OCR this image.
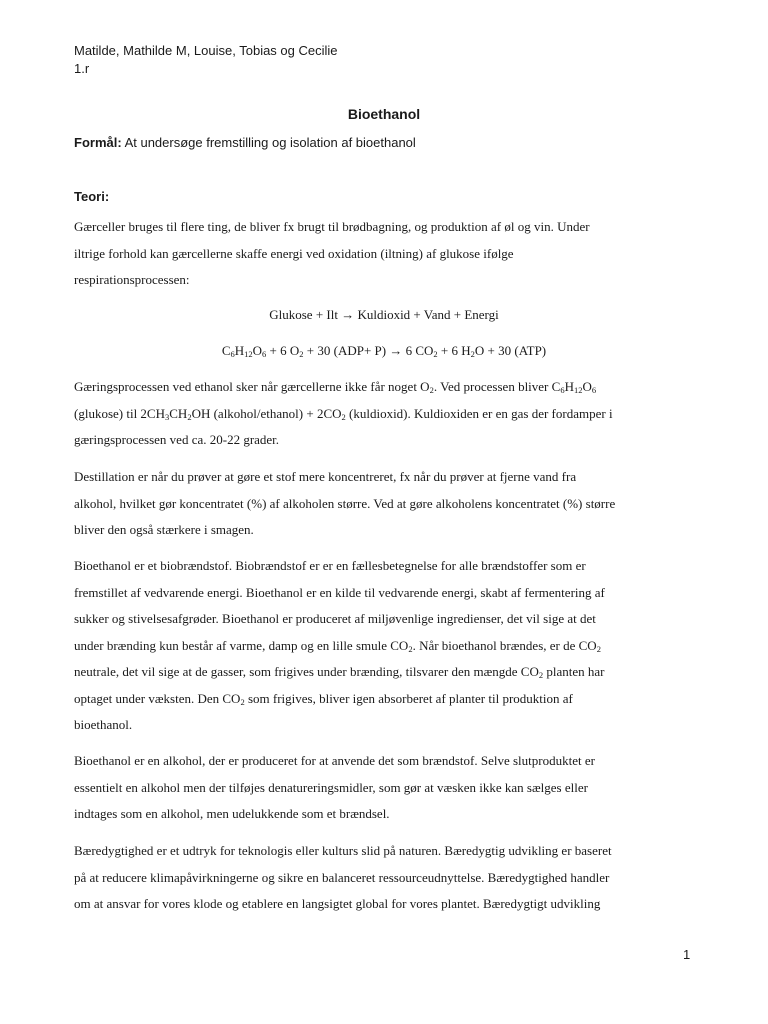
Matilde, Mathilde M, Louise, Tobias og Cecilie
1.r
Bioethanol
Formål: At undersøge fremstilling og isolation af bioethanol
Teori:

Gærceller bruges til flere ting, de bliver fx brugt til brødbagning, og produktion af øl og vin. Under

iltrige forhold kan gærcellerne skaffe energi ved oxidation (iltning) af glukose ifølge

respirationsprocessen:

Glukose + Ilt → Kuldioxid + Vand + Energi
$C_6H_{12}O_6 + 6$ $O_2 + 30$ (ADP+ P) → 6 $CO_2 + 6$ $H_2O + 30$ (ATP)

Gæringsprocessen ved ethanol sker når gærcellerne ikke får noget $O_2$. Ved processen bliver $C_6H_{12}O_6$

(glukose) til $2CH_3CH_2OH$ (alkohol/ethanol) + $2CO_2$ (kuldioxid). Kuldioxiden er en gas der fordamper i

gæringsprocessen ved ca. 20-22 grader.

Destillation er når du prøver at gøre et stof mere koncentreret, fx når du prøver at fjerne vand fra

alkohol, hvilket gør koncentratet (%) af alkoholen større. Ved at gøre alkoholens koncentratet (%) større

bliver den også stærkere i smagen.

Bioethanol er et biobrændstof. Biobrændstof er er en fællesbetegnelse for alle brændstoffer som er

fremstillet af vedvarende energi. Bioethanol er en kilde til vedvarende energi, skabt af fermentering af

sukker og stivelsesafgrøder. Bioethanol er produceret af miljøvenlige ingredienser, det vil sige at det

under brænding kun består af varme, damp og en lille smule $CO_2$. Når bioethanol brændes, er de $CO_2$

neutrale, det vil sige at de gasser, som frigives under brænding, tilsvarer den mængde $CO_2$ planten har

optaget under væksten. Den $CO_2$ som frigives, bliver igen absorberet af planter til produktion af

bioethanol.

Bioethanol er en alkohol, der er produceret for at anvende det som brændstof. Selve slutproduktet er

essentielt en alkohol men der tilføjes denatureringsmidler, som gør at væsken ikke kan sælges eller

indtages som en alkohol, men udelukkende som et brændsel.

Bæredygtighed er et udtryk for teknologis eller kulturs slid på naturen. Bæredygtig udvikling er baseret

på at reducere klimapåvirkningerne og sikre en balanceret ressourceudnyttelse. Bæredygtighed handler

om at ansvar for vores klode og etablere en langsigtet global for vores plantet. Bæredygtigt udvikling

1
